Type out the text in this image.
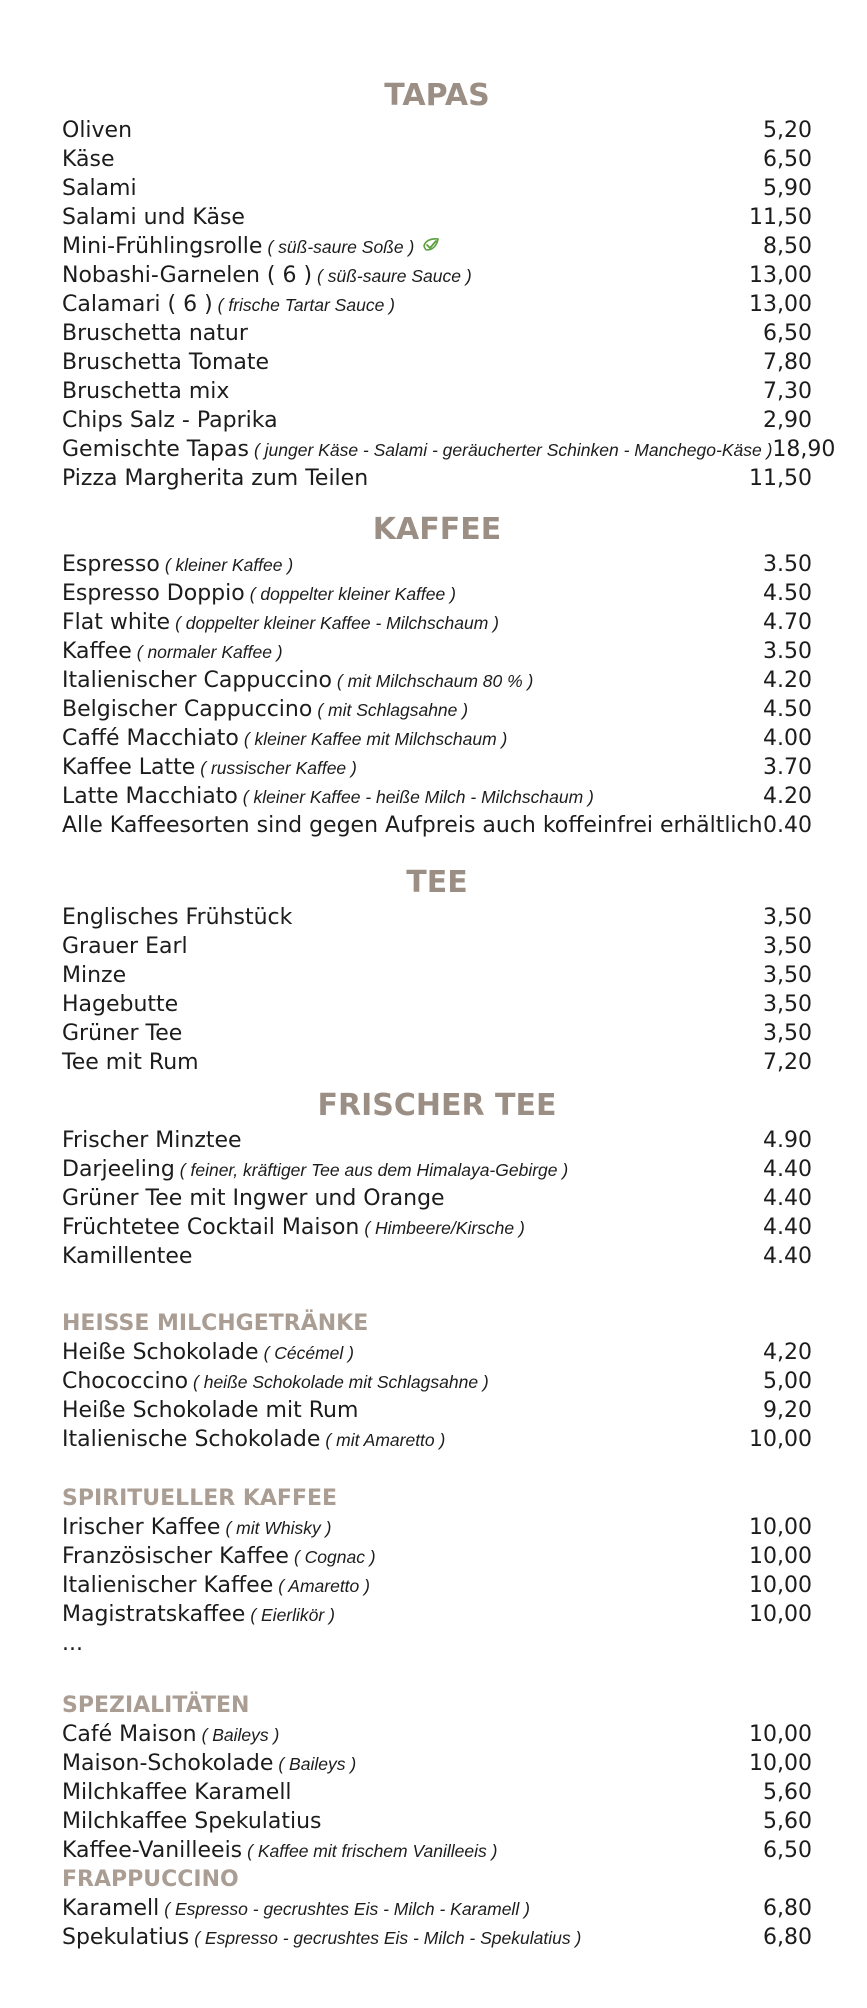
TAPAS
Oliven	5,20
Käse	6,50
Salami	5,90
Salami und Käse	11,50
Mini-Frühlingsrolle ( süß-saure Soße )	8,50
Nobashi-Garnelen ( 6 ) ( süß-saure Sauce )	13,00
Calamari ( 6 ) ( frische Tartar Sauce )	13,00
Bruschetta natur	6,50
Bruschetta Tomate	7,80
Bruschetta mix	7,30
Chips Salz - Paprika	2,90
Gemischte Tapas ( junger Käse - Salami - geräucherter Schinken - Manchego-Käse ) 18,90
Pizza Margherita zum Teilen	11,50
KAFFEE
Espresso ( kleiner Kaffee )	3.50
Espresso Doppio ( doppelter kleiner Kaffee )	4.50
Flat white ( doppelter kleiner Kaffee - Milchschaum )	4.70
Kaffee ( normaler Kaffee )	3.50
Italienischer Cappuccino ( mit Milchschaum 80 % )	4.20
Belgischer Cappuccino ( mit Schlagsahne )	4.50
Caffé Macchiato ( kleiner Kaffee mit Milchschaum )	4.00
Kaffee Latte ( russischer Kaffee )	3.70
Latte Macchiato ( kleiner Kaffee - heiße Milch - Milchschaum )	4.20
Alle Kaffeesorten sind gegen Aufpreis auch koffeinfrei erhältlich 0.40
TEE
Englisches Frühstück	3,50
Grauer Earl	3,50
Minze	3,50
Hagebutte	3,50
Grüner Tee	3,50
Tee mit Rum	7,20
FRISCHER TEE
Frischer Minztee	4.90
Darjeeling ( feiner, kräftiger Tee aus dem Himalaya-Gebirge )	4.40
Grüner Tee mit Ingwer und Orange	4.40
Früchtetee Cocktail Maison ( Himbeere/Kirsche )	4.40
Kamillentee	4.40
HEISSE MILCHGETRÄNKE
Heiße Schokolade ( Cécémel )	4,20
Chococcino ( heiße Schokolade mit Schlagsahne )	5,00
Heiße Schokolade mit Rum	9,20
Italienische Schokolade ( mit Amaretto )	10,00
SPIRITUELLER KAFFEE
Irischer Kaffee ( mit Whisky )	10,00
Französischer Kaffee ( Cognac )	10,00
Italienischer Kaffee ( Amaretto )	10,00
Magistratskaffee ( Eierlikör )	10,00
...
SPEZIALITÄTEN
Café Maison ( Baileys )	10,00
Maison-Schokolade ( Baileys )	10,00
Milchkaffee Karamell	5,60
Milchkaffee Spekulatius	5,60
Kaffee-Vanilleeis ( Kaffee mit frischem Vanilleeis )	6,50
FRAPPUCCINO
Karamell ( Espresso - gecrushtes Eis - Milch - Karamell )	6,80
Spekulatius ( Espresso - gecrushtes Eis - Milch - Spekulatius )	6,80
